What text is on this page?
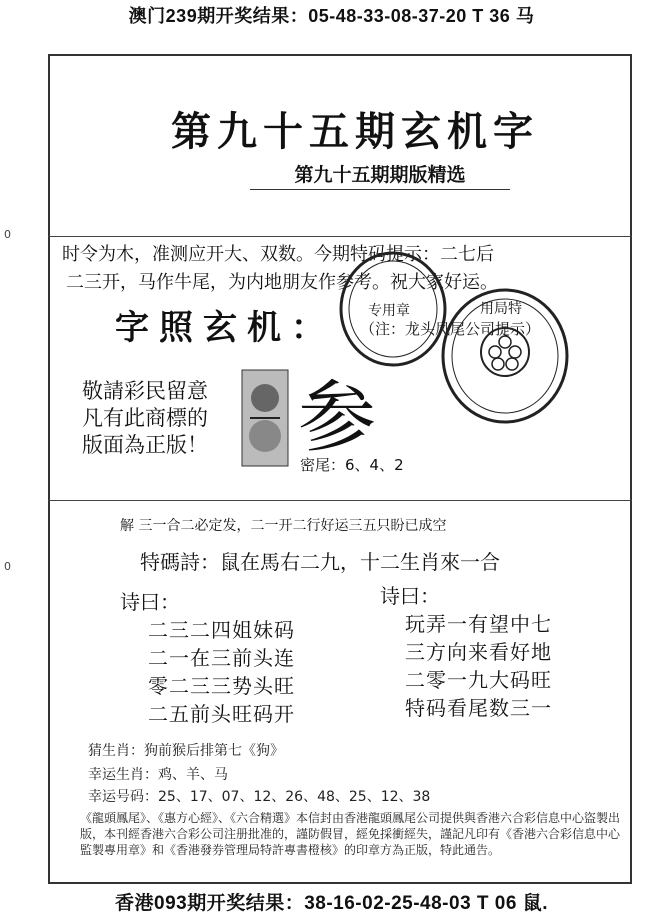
澳门239期开奖结果：05-48-33-08-37-20 T 36 马
0
0
第九十五期玄机字
第九十五期期版精选
时令为木，准测应开大、双数。今期特码提示：二七后
二三开，马作牛尾，为内地朋友作参考。祝大家好运。
（注：龙头凤尾公司提示）
专用章	用局特
字照玄机：
敬請彩民留意
凡有此商標的
版面為正版！	参
密尾：6、4、2
解 三一合二必定发，二一开二行好运三五只盼已成空
特碼詩：鼠在馬右二九，十二生肖來一合
诗曰：
二三二四姐妹码
二一在三前头连
零二三三势头旺
二五前头旺码开
诗曰：
玩弄一有望中七
三方向来看好地
二零一九大码旺
特码看尾数三一
猜生肖：狗前猴后排第七《狗》
幸运生肖：鸡、羊、马
幸运号码：25、17、07、12、26、48、25、12、38
《龍頭鳳尾》、《惠方心經》、《六合精選》本信封由香港龍頭鳳尾公司提供與香港六合彩信息中心盜製出版，本刊經香港六合彩公司注册批准的，謹防假冒，經免採衝經失，謹記凡印有《香港六合彩信息中心監製專用章》和《香港發券管理局特許專書橙核》的印章方為正版，特此通告。
香港093期开奖结果：38-16-02-25-48-03 T 06 鼠.
